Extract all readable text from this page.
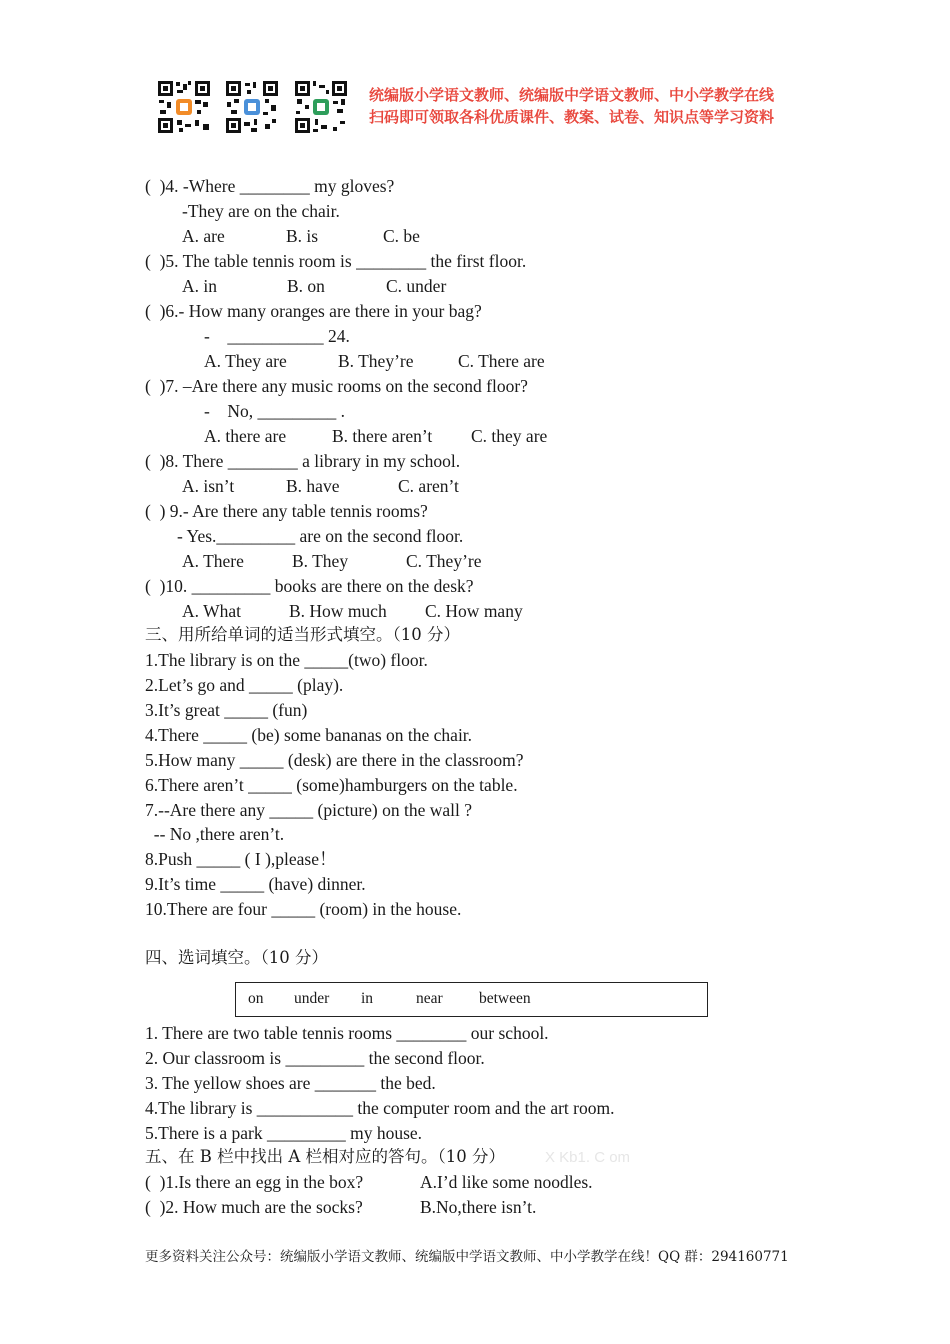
统编版小学语文教师、统编版中学语文教师、中小学教学在线
扫码即可领取各科优质课件、教案、试卷、知识点等学习资料
(  )4. -Where ________ my gloves?
-They are on the chair.
A. are	B. is	C. be
(  )5. The table tennis room is ________ the first floor.
A. in	B. on	C. under
(  )6.- How many oranges are there in your bag?
-    ___________ 24.
A. They are	B. They’re	C. There are
(  )7. –Are there any music rooms on the second floor?
-    No, _________ .
A. there are	B. there aren’t C. they are
(  )8. There ________ a library in my school.
A. isn’t	B. have	C. aren’t
(  ) 9.- Are there any table tennis rooms?
- Yes._________ are on the second floor.
A. There	B. They	C. They’re
(  )10. _________ books are there on the desk?
A. What	B. How much C. How many
三、用所给单词的适当形式填空。（10 分）
1.The library is on the _____(two) floor.
2.Let’s go and _____ (play).
3.It’s great _____ (fun)
4.There _____ (be) some bananas on the chair.
5.How many _____ (desk) are there in the classroom?
6.There aren’t _____ (some)hamburgers on the table.
7.--Are there any _____ (picture) on the wall ?
-- No ,there aren’t.
8.Push _____ ( I ),please！
9.It’s time _____ (have) dinner.
10.There are four _____ (room) in the house.
四、选词填空。（10 分）
on under in	near between
1. There are two table tennis rooms ________ our school.
2. Our classroom is _________ the second floor.
3. The yellow shoes are _______ the bed.
4.The library is ___________ the computer room and the art room.
5.There is a park _________ my house.
五、在 B 栏中找出 A 栏相对应的答句。（10 分）	X Kb1. C om
(  )1.Is there an egg in the box?	A.I’d like some noodles.
(  )2. How much are the socks?	B.No,there isn’t.
更多资料关注公众号：统编版小学语文教师、统编版中学语文教师、中小学教学在线！QQ 群：294160771
